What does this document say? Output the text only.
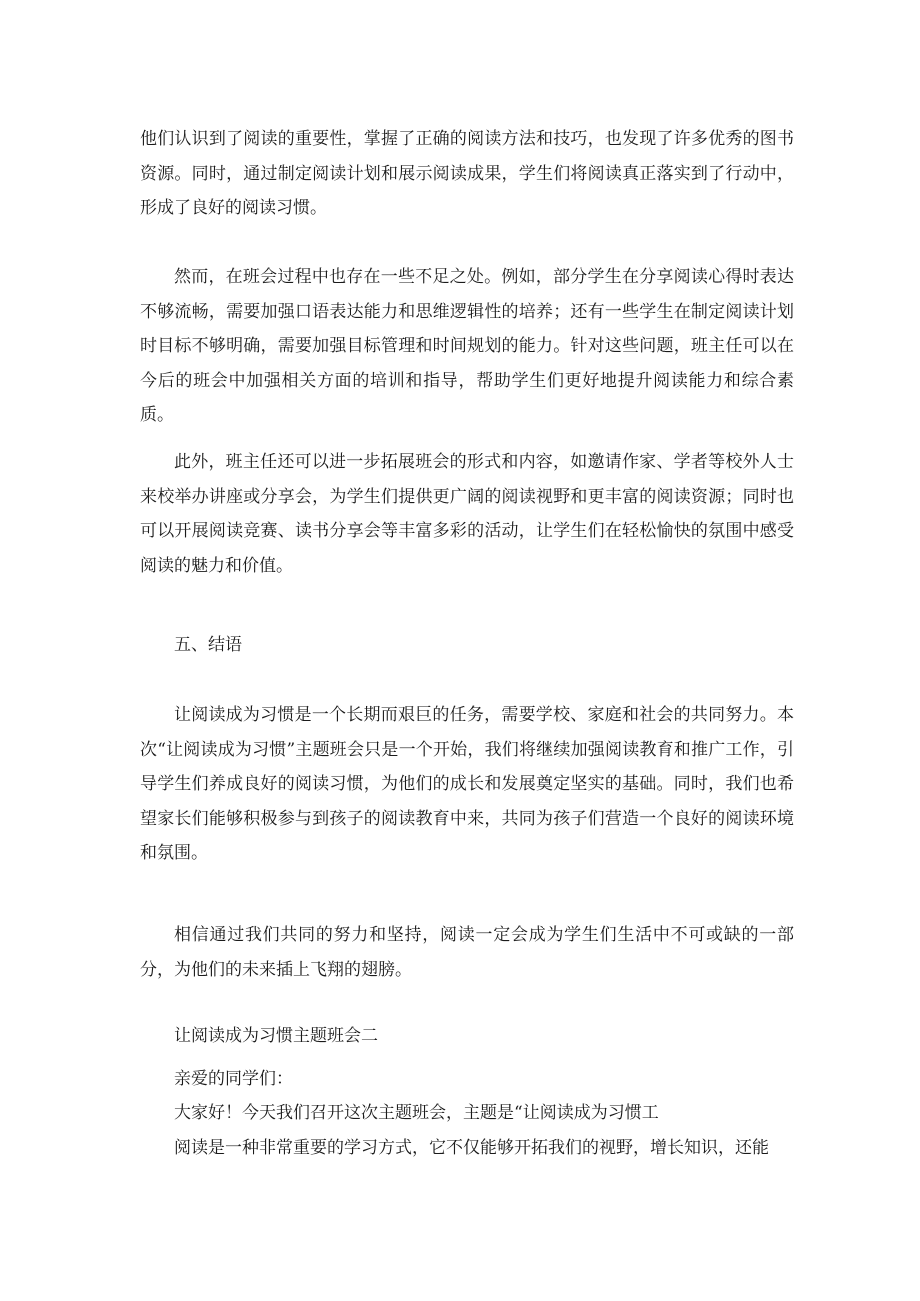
他们认识到了阅读的重要性，掌握了正确的阅读方法和技巧，也发现了许多优秀的图书资源。同时，通过制定阅读计划和展示阅读成果，学生们将阅读真正落实到了行动中，形成了良好的阅读习惯。

然而，在班会过程中也存在一些不足之处。例如，部分学生在分享阅读心得时表达不够流畅，需要加强口语表达能力和思维逻辑性的培养；还有一些学生在制定阅读计划时目标不够明确，需要加强目标管理和时间规划的能力。针对这些问题，班主任可以在今后的班会中加强相关方面的培训和指导，帮助学生们更好地提升阅读能力和综合素质。

此外，班主任还可以进一步拓展班会的形式和内容，如邀请作家、学者等校外人士来校举办讲座或分享会，为学生们提供更广阔的阅读视野和更丰富的阅读资源；同时也可以开展阅读竞赛、读书分享会等丰富多彩的活动，让学生们在轻松愉快的氛围中感受阅读的魅力和价值。

五、结语

让阅读成为习惯是一个长期而艰巨的任务，需要学校、家庭和社会的共同努力。本次“让阅读成为习惯”主题班会只是一个开始，我们将继续加强阅读教育和推广工作，引导学生们养成良好的阅读习惯，为他们的成长和发展奠定坚实的基础。同时，我们也希望家长们能够积极参与到孩子的阅读教育中来，共同为孩子们营造一个良好的阅读环境和氛围。

相信通过我们共同的努力和坚持，阅读一定会成为学生们生活中不可或缺的一部分，为他们的未来插上飞翔的翅膀。

让阅读成为习惯主题班会二

亲爱的同学们：

大家好！今天我们召开这次主题班会，主题是“让阅读成为习惯工

阅读是一种非常重要的学习方式，它不仅能够开拓我们的视野，增长知识，还能
